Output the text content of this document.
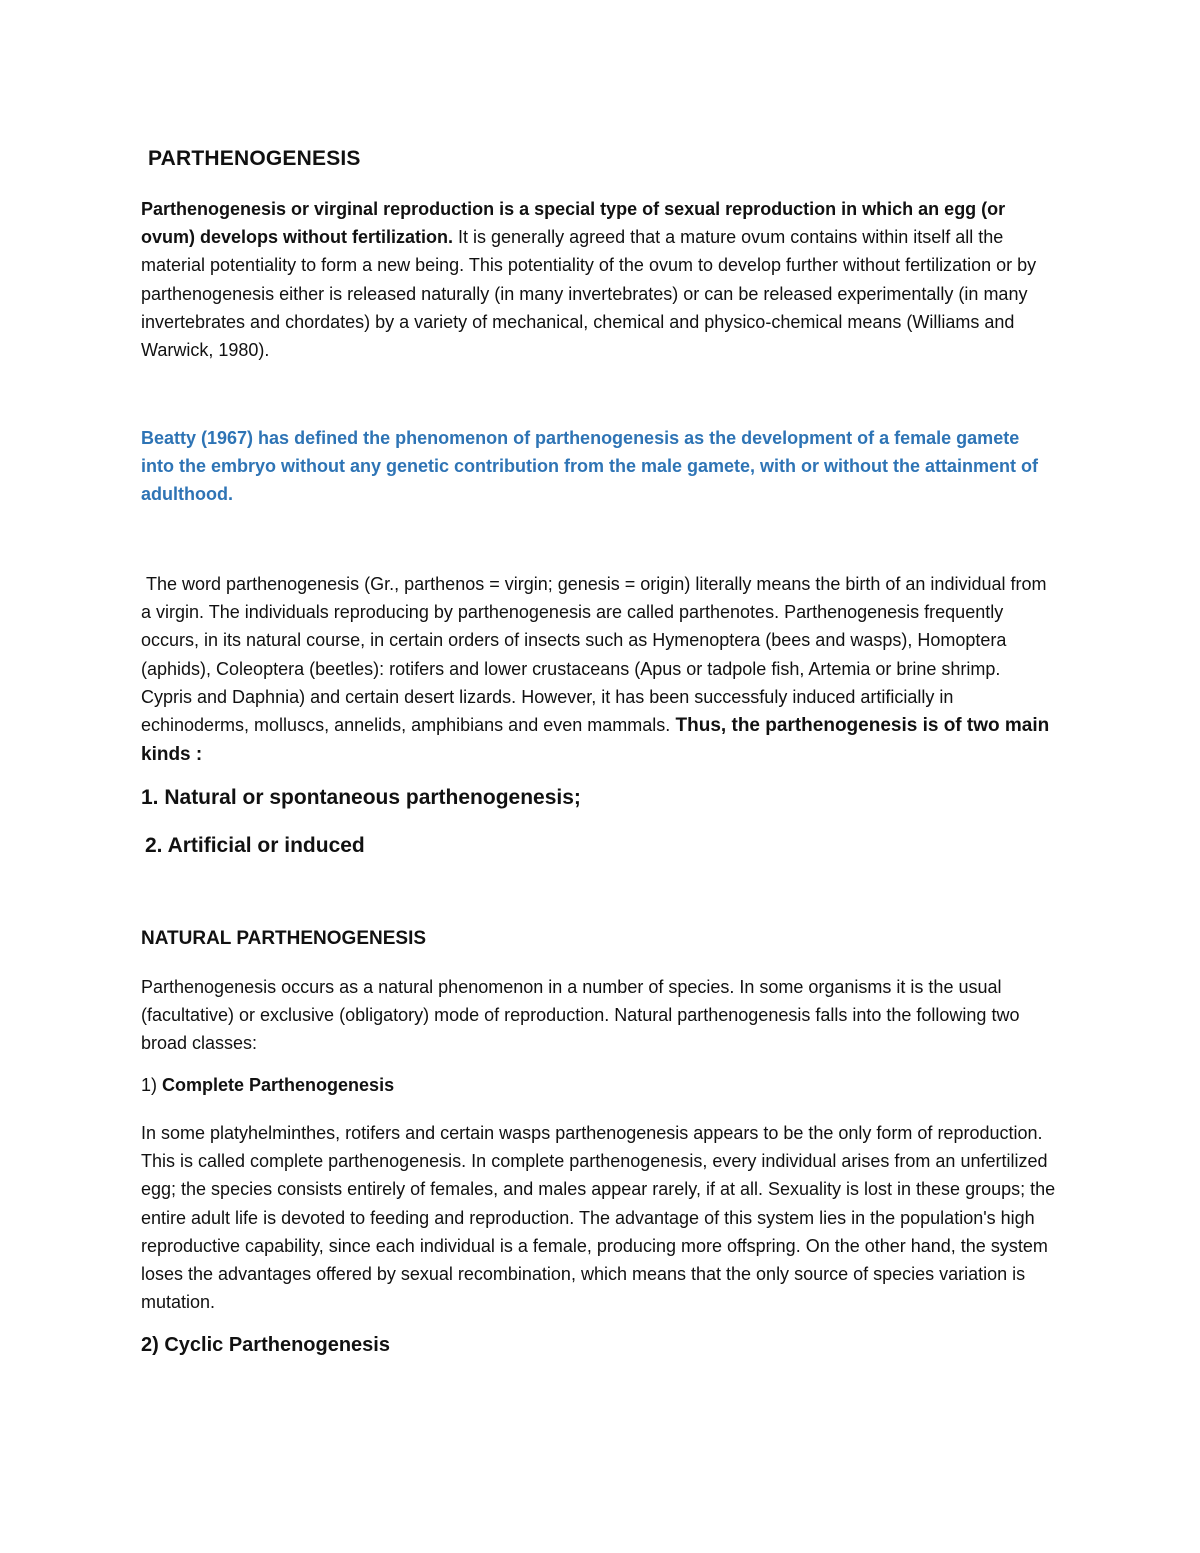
PARTHENOGENESIS

Parthenogenesis or virginal reproduction is a special type of sexual reproduction in which an egg (or ovum) develops without fertilization. It is generally agreed that a mature ovum contains within itself all the material potentiality to form a new being. This potentiality of the ovum to develop further without fertilization or by parthenogenesis either is released naturally (in many invertebrates) or can be released experimentally (in many invertebrates and chordates) by a variety of mechanical, chemical and physico-chemical means (Williams and Warwick, 1980).

Beatty (1967) has defined the phenomenon of parthenogenesis as the development of a female gamete into the embryo without any genetic contribution from the male gamete, with or without the attainment of adulthood.

The word parthenogenesis (Gr., parthenos = virgin; genesis = origin) literally means the birth of an individual from a virgin. The individuals reproducing by parthenogenesis are called parthenotes. Parthenogenesis frequently occurs, in its natural course, in certain orders of insects such as Hymenoptera (bees and wasps), Homoptera (aphids), Coleoptera (beetles): rotifers and lower crustaceans (Apus or tadpole fish, Artemia or brine shrimp. Cypris and Daphnia) and certain desert lizards. However, it has been successfuly induced artificially in echinoderms, molluscs, annelids, amphibians and even mammals. Thus, the parthenogenesis is of two main kinds :

1. Natural or spontaneous parthenogenesis;
2. Artificial or induced
NATURAL PARTHENOGENESIS

Parthenogenesis occurs as a natural phenomenon in a number of species. In some organisms it is the usual (facultative) or exclusive (obligatory) mode of reproduction. Natural parthenogenesis falls into the following two broad classes:

1) Complete Parthenogenesis

In some platyhelminthes, rotifers and certain wasps parthenogenesis appears to be the only form of reproduction. This is called complete parthenogenesis. In complete parthenogenesis, every individual arises from an unfertilized egg; the species consists entirely of females, and males appear rarely, if at all. Sexuality is lost in these groups; the entire adult life is devoted to feeding and reproduction. The advantage of this system lies in the population's high reproductive capability, since each individual is a female, producing more offspring. On the other hand, the system loses the advantages offered by sexual recombination, which means that the only source of species variation is mutation.

2) Cyclic Parthenogenesis
